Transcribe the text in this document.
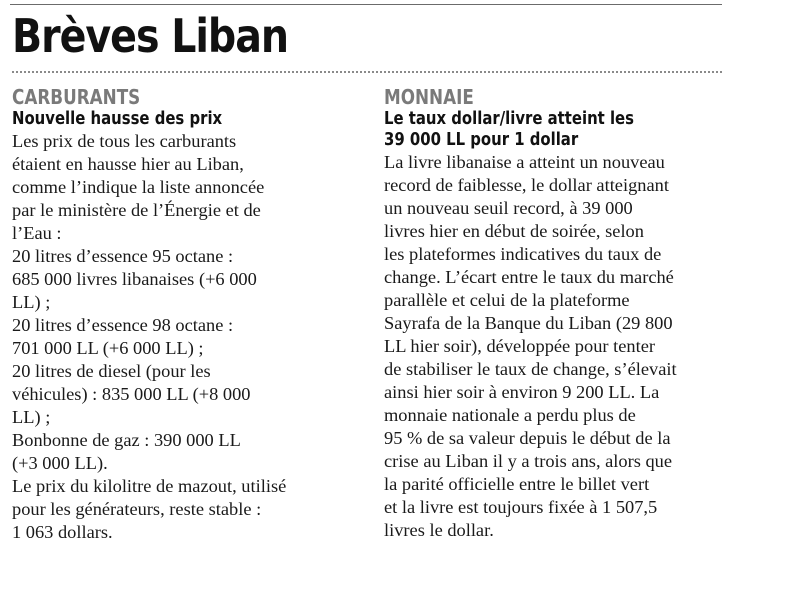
Brèves Liban
CARBURANTS
Nouvelle hausse des prix

Les prix de tous les carburants
étaient en hausse hier au Liban,
comme l’indique la liste annoncée
par le ministère de l’Énergie et de
l’Eau :
20 litres d’essence 95 octane :
685 000 livres libanaises (+6 000
LL) ;
20 litres d’essence 98 octane :
701 000 LL (+6 000 LL) ;
20 litres de diesel (pour les
véhicules) : 835 000 LL (+8 000
LL) ;
Bonbonne de gaz : 390 000 LL
(+3 000 LL).
Le prix du kilolitre de mazout, utilisé
pour les générateurs, reste stable :
1 063 dollars.

MONNAIE
Le taux dollar/livre atteint les
39 000 LL pour 1 dollar

La livre libanaise a atteint un nouveau
record de faiblesse, le dollar atteignant
un nouveau seuil record, à 39 000
livres hier en début de soirée, selon
les plateformes indicatives du taux de
change. L’écart entre le taux du marché
parallèle et celui de la plateforme
Sayrafa de la Banque du Liban (29 800
LL hier soir), développée pour tenter
de stabiliser le taux de change, s’élevait
ainsi hier soir à environ 9 200 LL. La
monnaie nationale a perdu plus de
95 % de sa valeur depuis le début de la
crise au Liban il y a trois ans, alors que
la parité officielle entre le billet vert
et la livre est toujours fixée à 1 507,5
livres le dollar.
